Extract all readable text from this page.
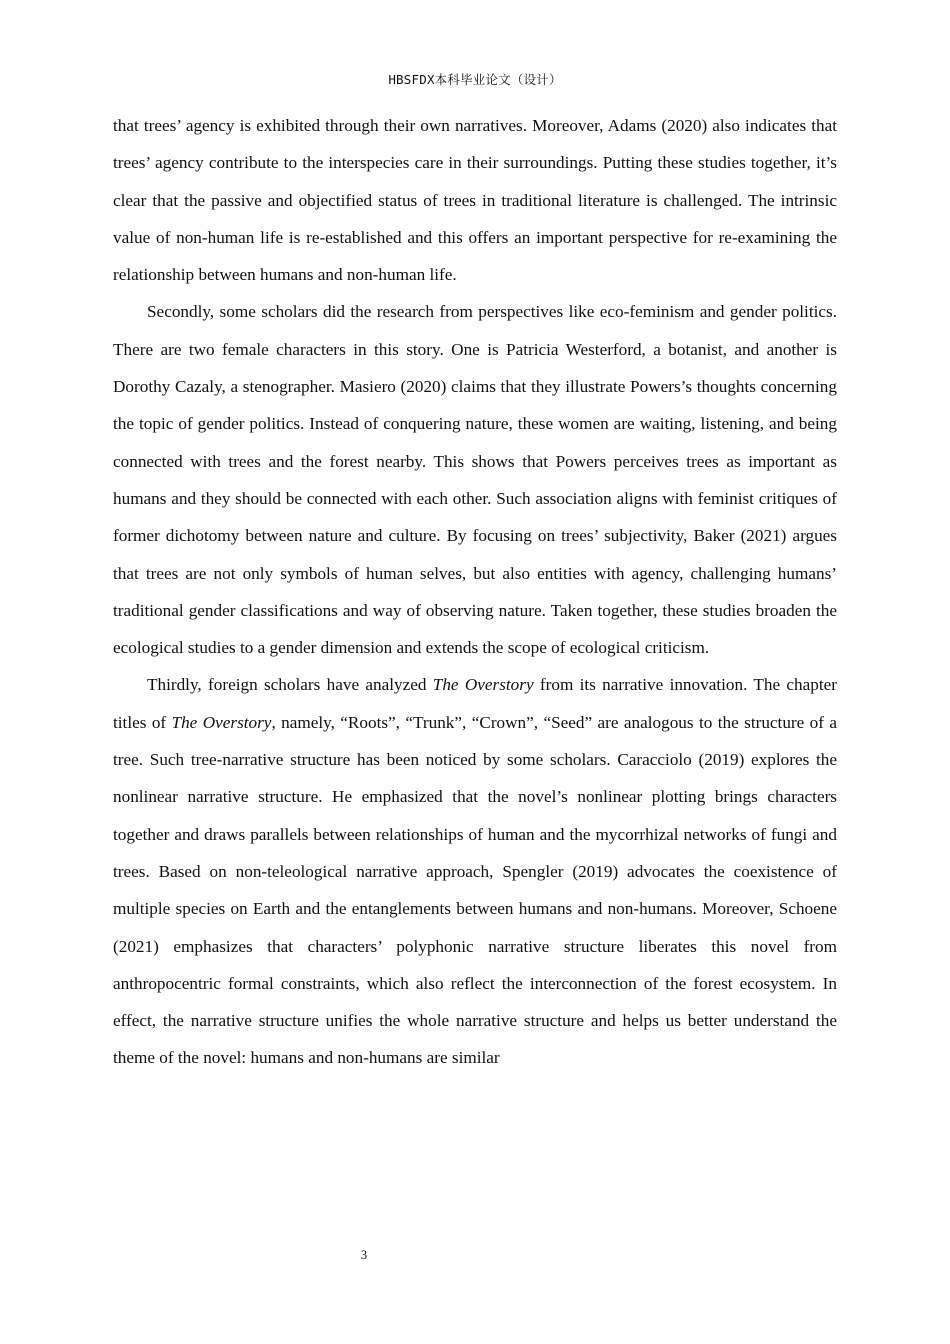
HBSFDX本科毕业论文（设计）

that trees’ agency is exhibited through their own narratives. Moreover, Adams (2020) also indicates that trees’ agency contribute to the interspecies care in their surroundings. Putting these studies together, it’s clear that the passive and objectified status of trees in traditional literature is challenged. The intrinsic value of non-human life is re-established and this offers an important perspective for re-examining the relationship between humans and non-human life.

Secondly, some scholars did the research from perspectives like eco-feminism and gender politics. There are two female characters in this story. One is Patricia Westerford, a botanist, and another is Dorothy Cazaly, a stenographer. Masiero (2020) claims that they illustrate Powers’s thoughts concerning the topic of gender politics. Instead of conquering nature, these women are waiting, listening, and being connected with trees and the forest nearby. This shows that Powers perceives trees as important as humans and they should be connected with each other. Such association aligns with feminist critiques of former dichotomy between nature and culture. By focusing on trees’ subjectivity, Baker (2021) argues that trees are not only symbols of human selves, but also entities with agency, challenging humans’ traditional gender classifications and way of observing nature. Taken together, these studies broaden the ecological studies to a gender dimension and extends the scope of ecological criticism.

Thirdly, foreign scholars have analyzed The Overstory from its narrative innovation. The chapter titles of The Overstory, namely, “Roots”, “Trunk”, “Crown”, “Seed” are analogous to the structure of a tree. Such tree-narrative structure has been noticed by some scholars. Caracciolo (2019) explores the nonlinear narrative structure. He emphasized that the novel’s nonlinear plotting brings characters together and draws parallels between relationships of human and the mycorrhizal networks of fungi and trees. Based on non-teleological narrative approach, Spengler (2019) advocates the coexistence of multiple species on Earth and the entanglements between humans and non-humans. Moreover, Schoene (2021) emphasizes that characters’ polyphonic narrative structure liberates this novel from anthropocentric formal constraints, which also reflect the interconnection of the forest ecosystem. In effect, the narrative structure unifies the whole narrative structure and helps us better understand the theme of the novel: humans and non-humans are similar

3
